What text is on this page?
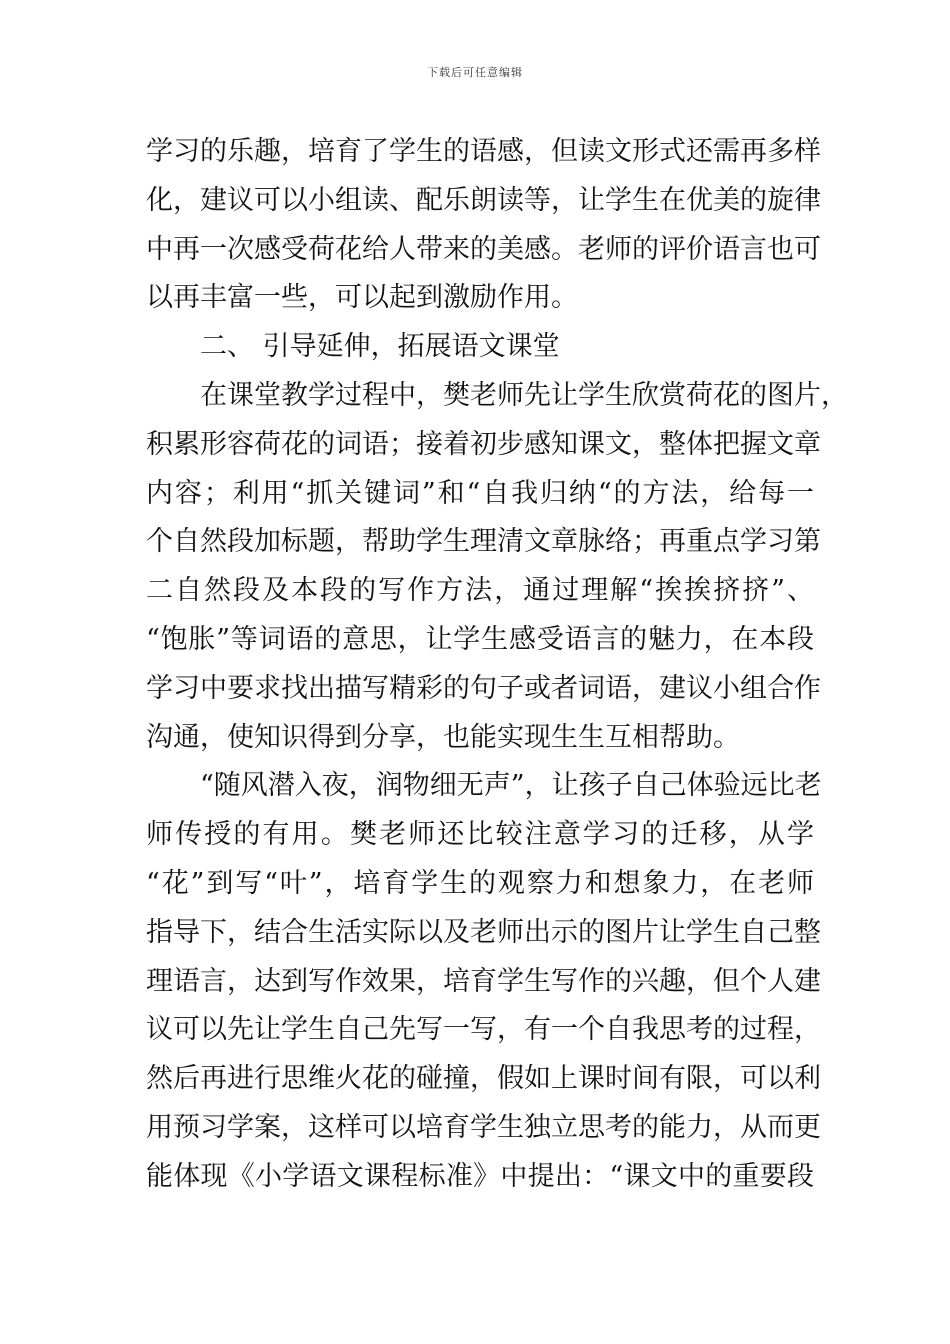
下载后可任意编辑
学习的乐趣，培育了学生的语感，但读文形式还需再多样
化，建议可以小组读、配乐朗读等，让学生在优美的旋律
中再一次感受荷花给人带来的美感。老师的评价语言也可
以再丰富一些，可以起到激励作用。
二、 引导延伸，拓展语文课堂
在课堂教学过程中，樊老师先让学生欣赏荷花的图片，
积累形容荷花的词语；接着初步感知课文，整体把握文章
内容；利用“抓关键词”和“自我归纳“的方法，给每一
个自然段加标题，帮助学生理清文章脉络；再重点学习第
二自然段及本段的写作方法，通过理解“挨挨挤挤”、
“饱胀”等词语的意思，让学生感受语言的魅力，在本段
学习中要求找出描写精彩的句子或者词语，建议小组合作
沟通，使知识得到分享，也能实现生生互相帮助。
“随风潜入夜，润物细无声”，让孩子自己体验远比老
师传授的有用。樊老师还比较注意学习的迁移，从学
“花”到写“叶”，培育学生的观察力和想象力，在老师
指导下，结合生活实际以及老师出示的图片让学生自己整
理语言，达到写作效果，培育学生写作的兴趣，但个人建
议可以先让学生自己先写一写，有一个自我思考的过程，
然后再进行思维火花的碰撞，假如上课时间有限，可以利
用预习学案，这样可以培育学生独立思考的能力，从而更
能体现《小学语文课程标准》中提出：“课文中的重要段
